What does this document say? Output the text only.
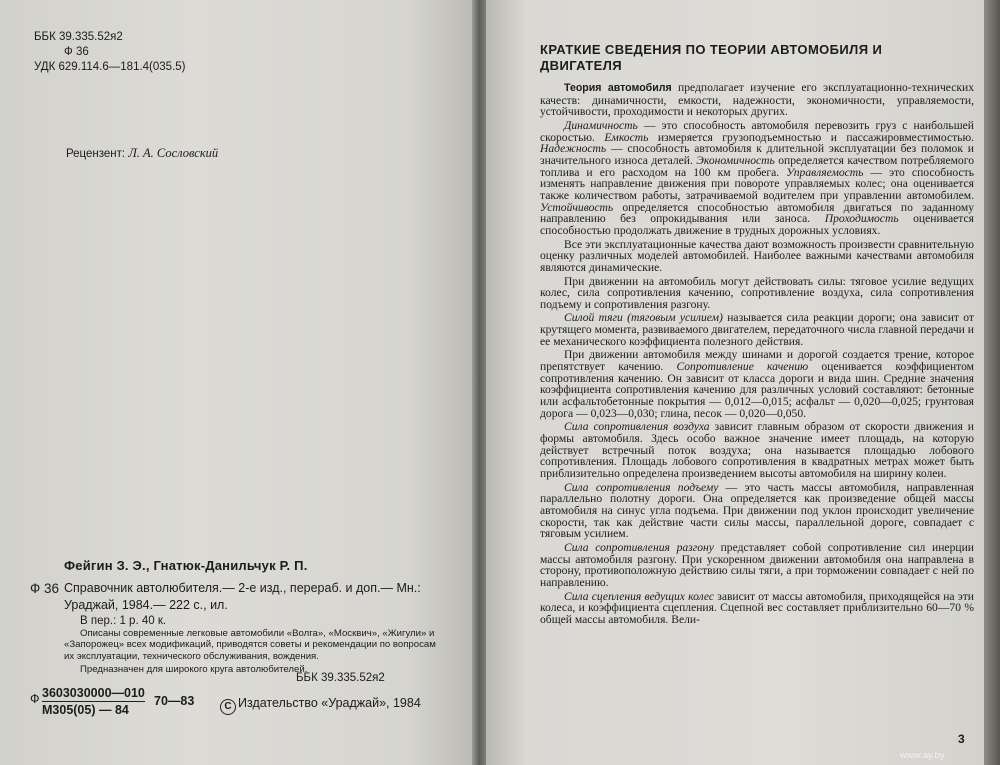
ББК 39.335.52я2
Ф 36
УДК 629.114.6—181.4(035.5)
Рецензент: Л. А. Сословский
Фейгин З. Э., Гнатюк-Данильчук Р. П.
Ф 36 Справочник автолюбителя.— 2-е изд., перераб. и доп.— Мн.: Ураджай, 1984.— 222 с., ил.
В пер.: 1 р. 40 к.
Описаны современные легковые автомобили «Волга», «Москвич», «Жигули» и «Запорожец» всех модификаций, приводятся советы и рекомендации по вопросам их эксплуатации, технического обслуживания, вождения.
Предназначен для широкого круга автолюбителей.
ББК 39.335.52я2
Ф 3603030000—010
М305(05) — 84
70—83	С Издательство «Ураджай», 1984
КРАТКИЕ СВЕДЕНИЯ ПО ТЕОРИИ АВТОМОБИЛЯ И ДВИГАТЕЛЯ

Теория автомобиля предполагает изучение его эксплуатационно-технических качеств: динамичности, емкости, надежности, экономичности, управляемости, устойчивости, проходимости и некоторых других.

Динамичность — это способность автомобиля перевозить груз с наибольшей скоростью. Емкость измеряется грузоподъемностью и пассажировместимостью. Надежность — способность автомобиля к длительной эксплуатации без поломок и значительного износа деталей. Экономичность определяется качеством потребляемого топлива и его расходом на 100 км пробега. Управляемость — это способность изменять направление движения при повороте управляемых колес; она оценивается также количеством работы, затрачиваемой водителем при управлении автомобилем. Устойчивость определяется способностью автомобиля двигаться по заданному направлению без опрокидывания или заноса. Проходимость оценивается способностью продолжать движение в трудных дорожных условиях.

Все эти эксплуатационные качества дают возможность произвести сравнительную оценку различных моделей автомобилей. Наиболее важными качествами автомобиля являются динамические.

При движении на автомобиль могут действовать силы: тяговое усилие ведущих колес, сила сопротивления качению, сопротивление воздуха, сила сопротивления подъему и сопротивления разгону.

Силой тяги (тяговым усилием) называется сила реакции дороги; она зависит от крутящего момента, развиваемого двигателем, передаточного числа главной передачи и ее механического коэффициента полезного действия.

При движении автомобиля между шинами и дорогой создается трение, которое препятствует качению. Сопротивление качению оценивается коэффициентом сопротивления качению. Он зависит от класса дороги и вида шин. Средние значения коэффициента сопротивления качению для различных условий составляют: бетонные или асфальтобетонные покрытия — 0,012—0,015; асфальт — 0,020—0,025; грунтовая дорога — 0,023—0,030; глина, песок — 0,020—0,050.

Сила сопротивления воздуха зависит главным образом от скорости движения и формы автомобиля. Здесь особо важное значение имеет площадь, на которую действует встречный поток воздуха; она называется площадью лобового сопротивления. Площадь лобового сопротивления в квадратных метрах может быть приблизительно определена произведением высоты автомобиля на ширину колеи.

Сила сопротивления подъему — это часть массы автомобиля, направленная параллельно полотну дороги. Она определяется как произведение общей массы автомобиля на синус угла подъема. При движении под уклон происходит увеличение скорости, так как действие части силы массы, параллельной дороге, совпадает с тяговым усилием.

Сила сопротивления разгону представляет собой сопротивление сил инерции массы автомобиля разгону. При ускоренном движении автомобиля она направлена в сторону, противоположную действию силы тяги, а при торможении совпадает с ней по направлению.

Сила сцепления ведущих колес зависит от массы автомобиля, приходящейся на эти колеса, и коэффициента сцепления. Сцепной вес составляет приблизительно 60—70 % общей массы автомобиля. Вели-

3
www.ay.by
